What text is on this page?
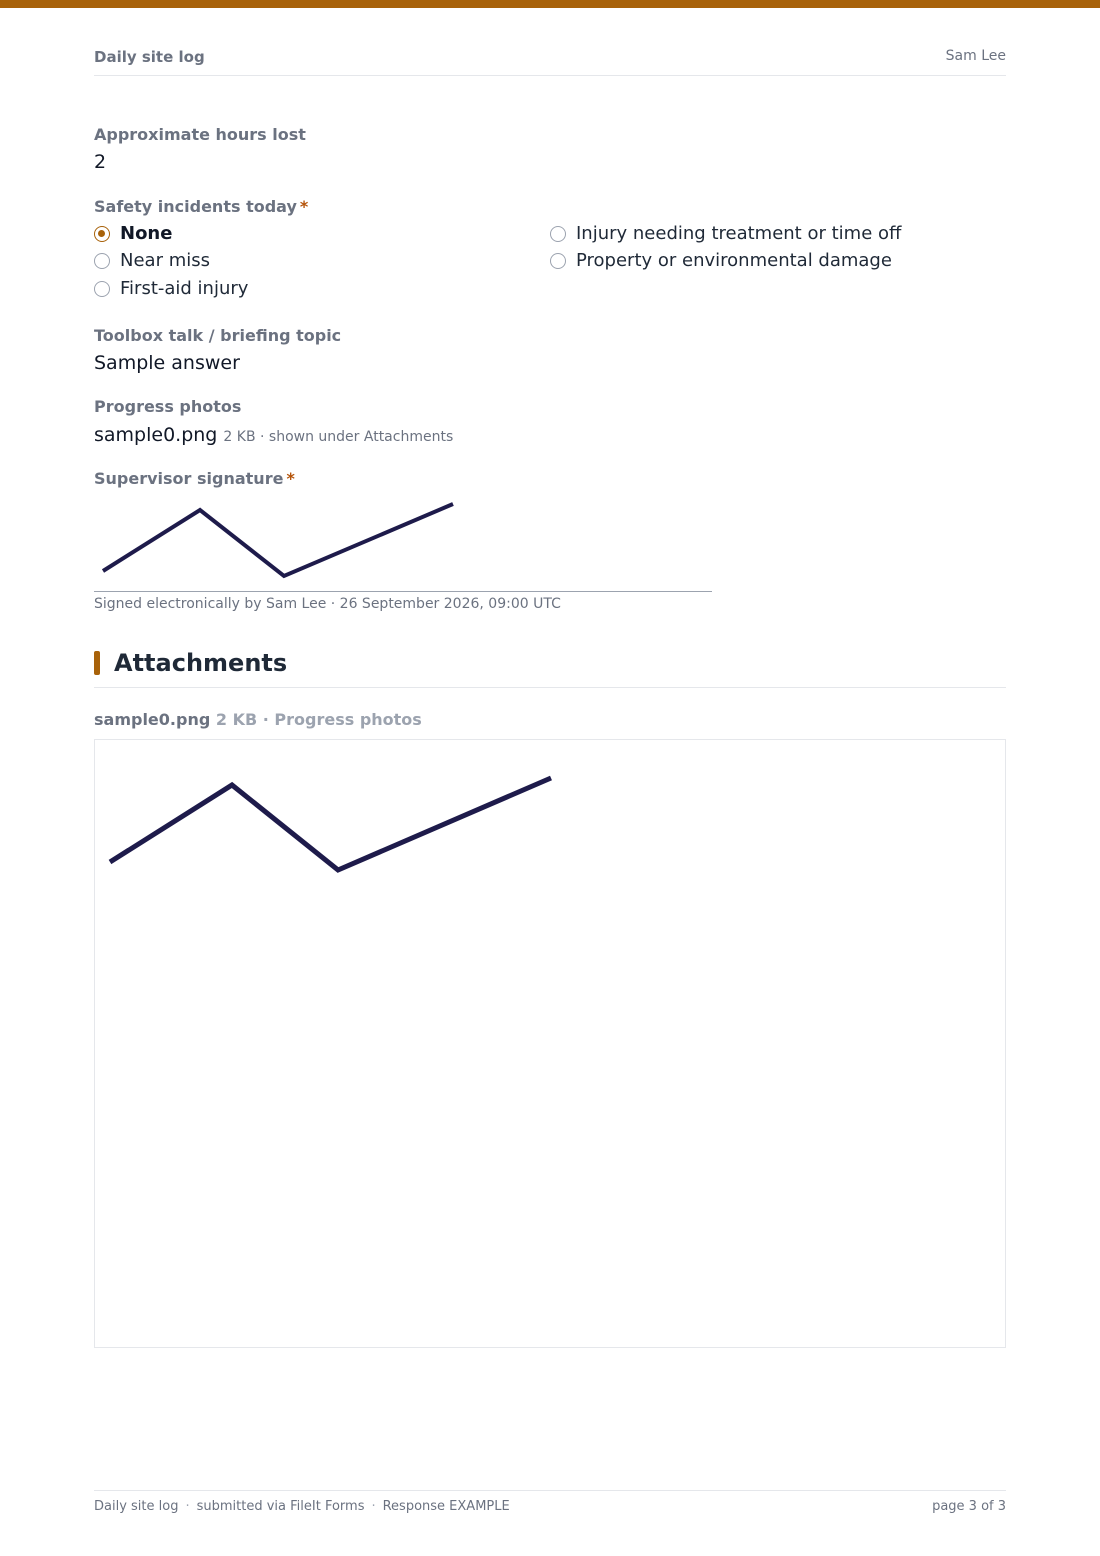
Daily site log	Sam Lee
Approximate hours lost
2
Safety incidents today *
None
Near miss
First-aid injury
Injury needing treatment or time off
Property or environmental damage
Toolbox talk / briefing topic
Sample answer
Progress photos
sample0.png 2 KB · shown under Attachments
Supervisor signature *
Signed electronically by Sam Lee · 26 September 2026, 09:00 UTC
Attachments
sample0.png 2 KB · Progress photos
Daily site log · submitted via FileIt Forms · Response EXAMPLE	page 3 of 3
